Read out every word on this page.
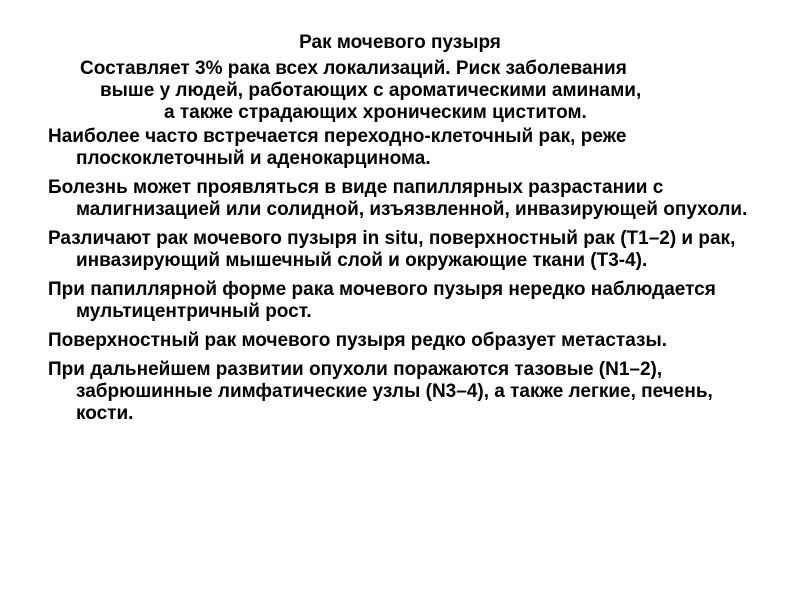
Рак мочевого пузыря

Составляет 3% рака всех локализаций. Риск заболевания
выше у людей, работающих с ароматическими аминами,
а также страдающих хроническим циститом.

Наиболее часто встречается переходно-клеточный рак, реже плоскоклеточный и аденокарцинома.

Болезнь может проявляться в виде папиллярных разрастании с малигнизацией или солидной, изъязвленной, инвазирующей опухоли.

Различают рак мочевого пузыря in situ, поверхностный рак (Т1–2) и рак, инвазирующий мышечный слой и окружающие ткани (Т3-4).

При папиллярной форме рака мочевого пузыря нередко наблюдается мультицентричный рост.

Поверхностный рак мочевого пузыря редко образует метастазы.

При дальнейшем развитии опухоли поражаются тазовые (N1–2), забрюшинные лимфатические узлы (N3–4), а также легкие, печень, кости.
